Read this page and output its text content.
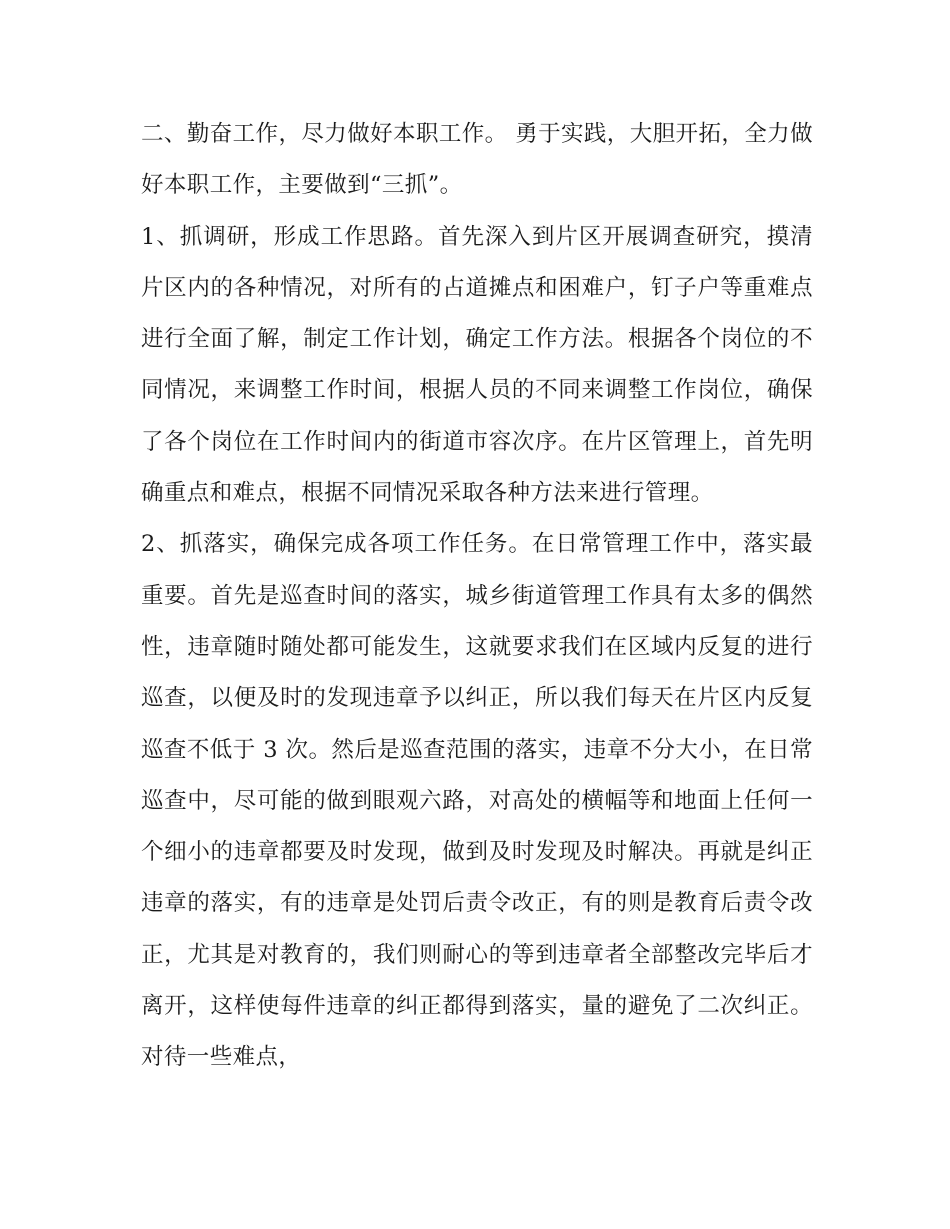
二、勤奋工作，尽力做好本职工作。 勇于实践，大胆开拓，全力做好本职工作，主要做到“三抓”。

1、抓调研，形成工作思路。首先深入到片区开展调查研究，摸清片区内的各种情况，对所有的占道摊点和困难户，钉子户等重难点进行全面了解，制定工作计划，确定工作方法。根据各个岗位的不同情况，来调整工作时间，根据人员的不同来调整工作岗位，确保了各个岗位在工作时间内的街道市容次序。在片区管理上，首先明确重点和难点，根据不同情况采取各种方法来进行管理。

2、抓落实，确保完成各项工作任务。在日常管理工作中，落实最重要。首先是巡查时间的落实，城乡街道管理工作具有太多的偶然性，违章随时随处都可能发生，这就要求我们在区域内反复的进行巡查，以便及时的发现违章予以纠正，所以我们每天在片区内反复巡查不低于 3 次。然后是巡查范围的落实，违章不分大小，在日常巡查中，尽可能的做到眼观六路，对高处的横幅等和地面上任何一个细小的违章都要及时发现，做到及时发现及时解决。再就是纠正违章的落实，有的违章是处罚后责令改正，有的则是教育后责令改正，尤其是对教育的，我们则耐心的等到违章者全部整改完毕后才离开，这样使每件违章的纠正都得到落实，量的避免了二次纠正。对待一些难点，
